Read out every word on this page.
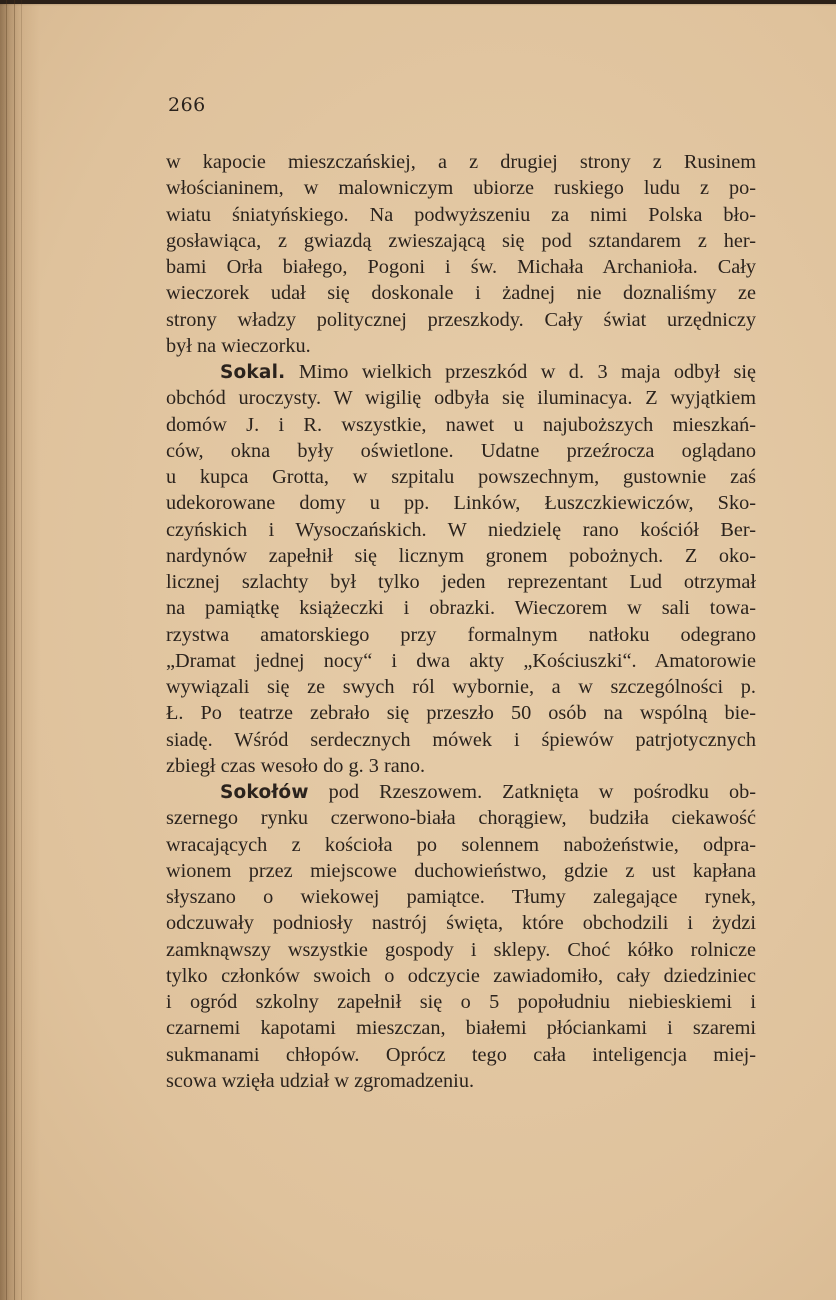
266
w kapocie mieszczańskiej, a z drugiej strony z Rusinem
włościaninem, w malowniczym ubiorze ruskiego ludu z po-
wiatu śniatyńskiego. Na podwyższeniu za nimi Polska bło-
gosławiąca, z gwiazdą zwieszającą się pod sztandarem z her-
bami Orła białego, Pogoni i św. Michała Archanioła. Cały
wieczorek udał się doskonale i żadnej nie doznaliśmy ze
strony władzy politycznej przeszkody. Cały świat urzędniczy
był na wieczorku.
Sokal. Mimo wielkich przeszkód w d. 3 maja odbył się
obchód uroczysty. W wigilię odbyła się iluminacya. Z wyjątkiem
domów J. i R. wszystkie, nawet u najuboższych mieszkań-
ców, okna były oświetlone. Udatne przeźrocza oglądano
u kupca Grotta, w szpitalu powszechnym, gustownie zaś
udekorowane domy u pp. Linków, Łuszczkiewiczów, Sko-
czyńskich i Wysoczańskich. W niedzielę rano kościół Ber-
nardynów zapełnił się licznym gronem pobożnych. Z oko-
licznej szlachty był tylko jeden reprezentant Lud otrzymał
na pamiątkę książeczki i obrazki. Wieczorem w sali towa-
rzystwa amatorskiego przy formalnym natłoku odegrano
„Dramat jednej nocy“ i dwa akty „Kościuszki“. Amatorowie
wywiązali się ze swych ról wybornie, a w szczególności p.
Ł. Po teatrze zebrało się przeszło 50 osób na wspólną bie-
siadę. Wśród serdecznych mówek i śpiewów patrjotycznych
zbiegł czas wesoło do g. 3 rano.
Sokołów pod Rzeszowem. Zatknięta w pośrodku ob-
szernego rynku czerwono-biała chorągiew, budziła ciekawość
wracających z kościoła po solennem nabożeństwie, odpra-
wionem przez miejscowe duchowieństwo, gdzie z ust kapłana
słyszano o wiekowej pamiątce. Tłumy zalegające rynek,
odczuwały podniosły nastrój święta, które obchodzili i żydzi
zamknąwszy wszystkie gospody i sklepy. Choć kółko rolnicze
tylko członków swoich o odczycie zawiadomiło, cały dziedziniec
i ogród szkolny zapełnił się o 5 popołudniu niebieskiemi i
czarnemi kapotami mieszczan, białemi płóciankami i szaremi
sukmanami chłopów. Oprócz tego cała inteligencja miej-
scowa wzięła udział w zgromadzeniu.
